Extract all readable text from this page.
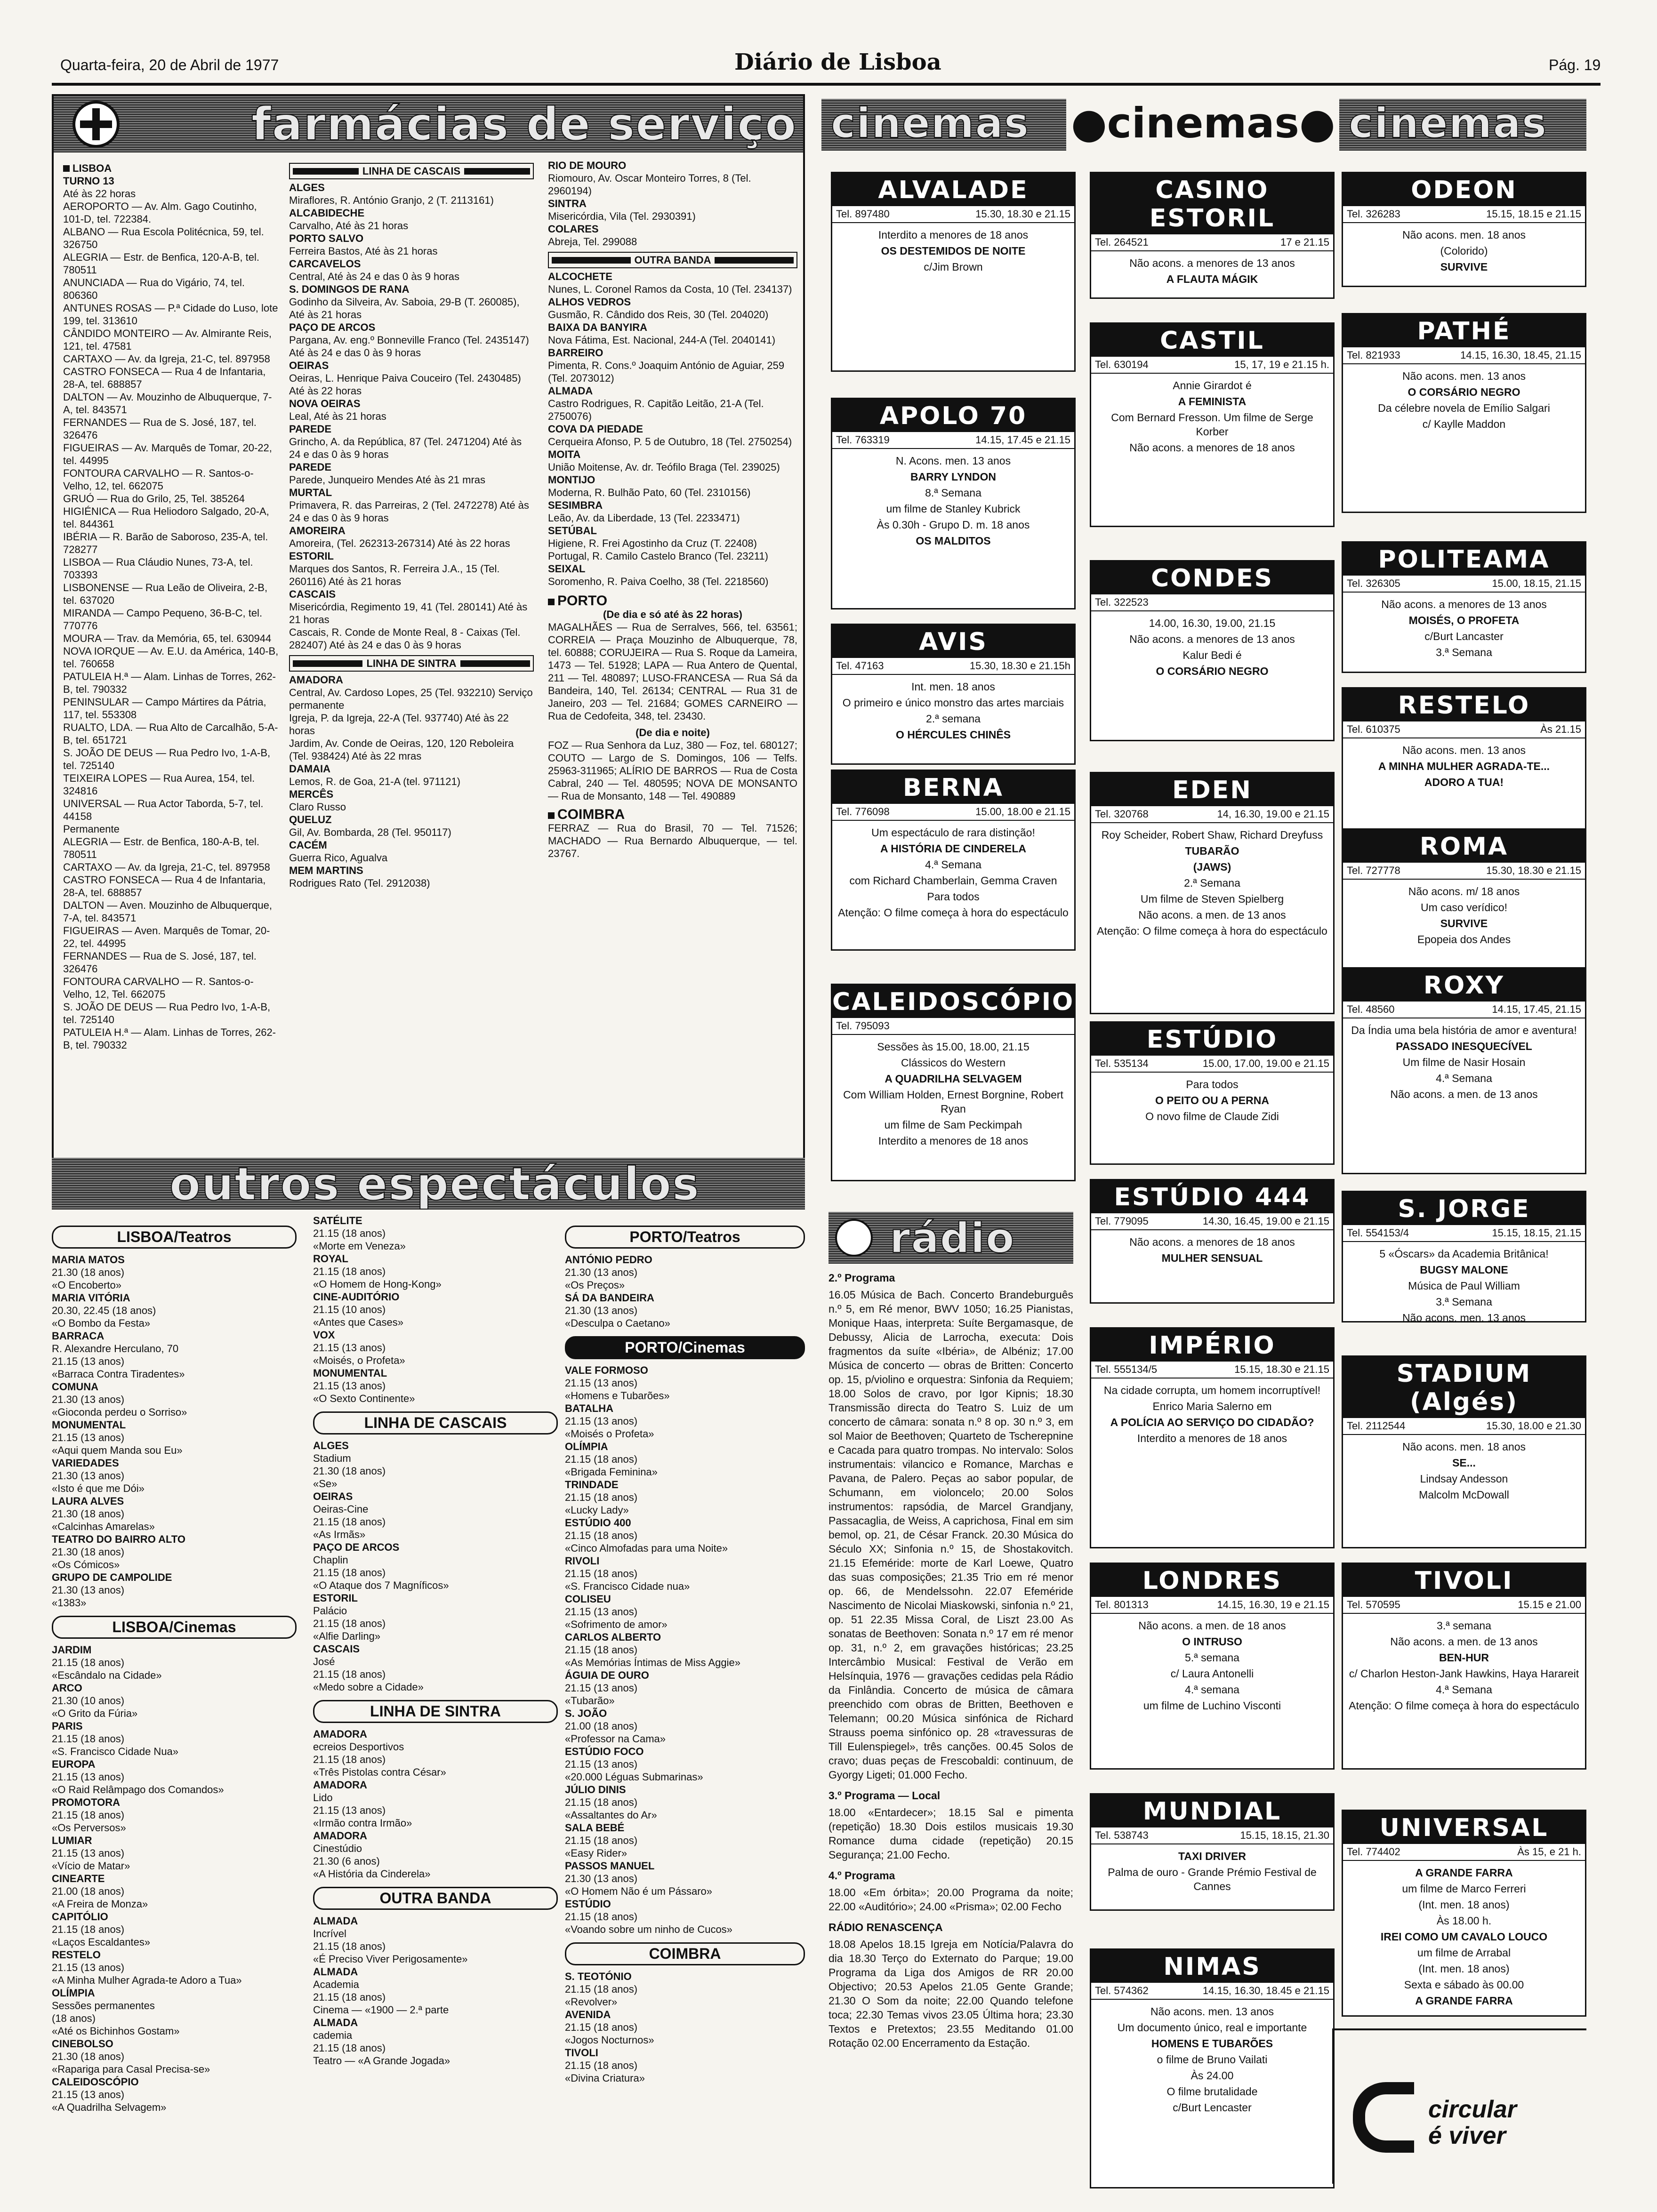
Quarta-feira, 20 de Abril de 1977	Diário de Lisboa	Pág. 19
farmácias de serviço
LISBOA
TURNO 13
Até às 22 horas
AEROPORTO — Av. Alm. Gago Coutinho, 101-D, tel. 722384.
ALBANO — Rua Escola Politécnica, 59, tel. 326750
ALEGRIA — Estr. de Benfica, 120-A-B, tel. 780511
ANUNCIADA — Rua do Vigário, 74, tel. 806360
ANTUNES ROSAS — P.ª Cidade do Luso, lote 199, tel. 313610
CÂNDIDO MONTEIRO — Av. Almirante Reis, 121, tel. 47581
CARTAXO — Av. da Igreja, 21-C, tel. 897958
CASTRO FONSECA — Rua 4 de Infantaria, 28-A, tel. 688857
DALTON — Av. Mouzinho de Albuquerque, 7-A, tel. 843571
FERNANDES — Rua de S. José, 187, tel. 326476
FIGUEIRAS — Av. Marquês de Tomar, 20-22, tel. 44995
FONTOURA CARVALHO — R. Santos-o-Velho, 12, tel. 662075
GRUÓ — Rua do Grilo, 25, Tel. 385264
HIGIÉNICA — Rua Heliodoro Salgado, 20-A, tel. 844361
IBÉRIA — R. Barão de Saboroso, 235-A, tel. 728277
LISBOA — Rua Cláudio Nunes, 73-A, tel. 703393
LISBONENSE — Rua Leão de Oliveira, 2-B, tel. 637020
MIRANDA — Campo Pequeno, 36-B-C, tel. 770776
MOURA — Trav. da Memória, 65, tel. 630944
NOVA IORQUE — Av. E.U. da América, 140-B, tel. 760658
PATULEIA H.ª — Alam. Linhas de Torres, 262-B, tel. 790332
PENINSULAR — Campo Mártires da Pátria, 117, tel. 553308
RUALTO, LDA. — Rua Alto de Carcalhão, 5-A-B, tel. 651721
S. JOÃO DE DEUS — Rua Pedro Ivo, 1-A-B, tel. 725140
TEIXEIRA LOPES — Rua Aurea, 154, tel. 324816
UNIVERSAL — Rua Actor Taborda, 5-7, tel. 44158
Permanente
ALEGRIA — Estr. de Benfica, 180-A-B, tel. 780511
CARTAXO — Av. da Igreja, 21-C, tel. 897958
CASTRO FONSECA — Rua 4 de Infantaria, 28-A, tel. 688857
DALTON — Aven. Mouzinho de Albuquerque, 7-A, tel. 843571
FIGUEIRAS — Aven. Marquês de Tomar, 20-22, tel. 44995
FERNANDES — Rua de S. José, 187, tel. 326476
FONTOURA CARVALHO — R. Santos-o-Velho, 12, Tel. 662075
S. JOÃO DE DEUS — Rua Pedro Ivo, 1-A-B, tel. 725140
PATULEIA H.ª — Alam. Linhas de Torres, 262-B, tel. 790332
LINHA DE CASCAIS
ALGES
Miraflores, R. António Granjo, 2 (T. 2113161)
ALCABIDECHE
Carvalho, Até às 21 horas
PORTO SALVO
Ferreira Bastos, Até às 21 horas
CARCAVELOS
Central, Até às 24 e das 0 às 9 horas
S. DOMINGOS DE RANA
Godinho da Silveira, Av. Saboia, 29-B (T. 260085), Até às 21 horas
PAÇO DE ARCOS
Pargana, Av. eng.º Bonneville Franco (Tel. 2435147) Até às 24 e das 0 às 9 horas
OEIRAS
Oeiras, L. Henrique Paiva Couceiro (Tel. 2430485) Até às 22 horas
NOVA OEIRAS
Leal, Até às 21 horas
PAREDE
Grincho, A. da República, 87 (Tel. 2471204) Até às 24 e das 0 às 9 horas
PAREDE
Parede, Junqueiro Mendes Até às 21 mras
MURTAL
Primavera, R. das Parreiras, 2 (Tel. 2472278) Até às 24 e das 0 às 9 horas
AMOREIRA
Amoreira, (Tel. 262313-267314) Até às 22 horas
ESTORIL
Marques dos Santos, R. Ferreira J.A., 15 (Tel. 260116) Até às 21 horas
CASCAIS
Misericórdia, Regimento 19, 41 (Tel. 280141) Até às 21 horas
Cascais, R. Conde de Monte Real, 8 - Caixas (Tel. 282407) Até às 24 e das 0 às 9 horas
LINHA DE SINTRA
AMADORA
Central, Av. Cardoso Lopes, 25 (Tel. 932210) Serviço permanente
Igreja, P. da Igreja, 22-A (Tel. 937740) Até às 22 horas
Jardim, Av. Conde de Oeiras, 120, 120 Reboleira (Tel. 938424) Até às 22 mras
DAMAIA
Lemos, R. de Goa, 21-A (tel. 971121)
MERCÊS
Claro Russo
QUELUZ
Gil, Av. Bombarda, 28 (Tel. 950117)
CACÉM
Guerra Rico, Agualva
MEM MARTINS
Rodrigues Rato (Tel. 2912038)
RIO DE MOURO
Riomouro, Av. Oscar Monteiro Torres, 8 (Tel. 2960194)
SINTRA
Misericórdia, Vila (Tel. 2930391)
COLARES
Abreja, Tel. 299088
OUTRA BANDA
ALCOCHETE
Nunes, L. Coronel Ramos da Costa, 10 (Tel. 234137)
ALHOS VEDROS
Gusmão, R. Cândido dos Reis, 30 (Tel. 204020)
BAIXA DA BANYIRA
Nova Fátima, Est. Nacional, 244-A (Tel. 2040141)
BARREIRO
Pimenta, R. Cons.º Joaquim António de Aguiar, 259 (Tel. 2073012)
ALMADA
Castro Rodrigues, R. Capitão Leitão, 21-A (Tel. 2750076)
COVA DA PIEDADE
Cerqueira Afonso, P. 5 de Outubro, 18 (Tel. 2750254)
MOITA
União Moitense, Av. dr. Teófilo Braga (Tel. 239025)
MONTIJO
Moderna, R. Bulhão Pato, 60 (Tel. 2310156)
SESIMBRA
Leão, Av. da Liberdade, 13 (Tel. 2233471)
SETÚBAL
Higiene, R. Frei Agostinho da Cruz (T. 22408)
Portugal, R. Camilo Castelo Branco (Tel. 23211)
SEIXAL
Soromenho, R. Paiva Coelho, 38 (Tel. 2218560)
PORTO
(De dia e só até às 22 horas)
MAGALHÃES — Rua de Serralves, 566, tel. 63561; CORREIA — Praça Mouzinho de Albuquerque, 78, tel. 60888; CORUJEIRA — Rua S. Roque da Lameira, 1473 — Tel. 51928; LAPA — Rua Antero de Quental, 211 — Tel. 480897; LUSO-FRANCESA — Rua Sá da Bandeira, 140, Tel. 26134; CENTRAL — Rua 31 de Janeiro, 203 — Tel. 21684; GOMES CARNEIRO — Rua de Cedofeita, 348, tel. 23430.
(De dia e noite)
FOZ — Rua Senhora da Luz, 380 — Foz, tel. 680127; COUTO — Largo de S. Domingos, 106 — Telfs. 25963-311965; ALÍRIO DE BARROS — Rua de Costa Cabral, 240 — Tel. 480595; NOVA DE MONSANTO — Rua de Monsanto, 148 — Tel. 490889
COIMBRA
FERRAZ — Rua do Brasil, 70 — Tel. 71526; MACHADO — Rua Bernardo Albuquerque, — tel. 23767.
outros espectáculos
LISBOA/Teatros
MARIA MATOS
21.30 (18 anos)
«O Encoberto»
MARIA VITÓRIA
20.30, 22.45 (18 anos)
«O Bombo da Festa»
BARRACA
R. Alexandre Herculano, 70
21.15 (13 anos)
«Barraca Contra Tiradentes»
COMUNA
21.30 (13 anos)
«Gioconda perdeu o Sorriso»
MONUMENTAL
21.15 (13 anos)
«Aqui quem Manda sou Eu»
VARIEDADES
21.30 (13 anos)
«Isto é que me Dói»
LAURA ALVES
21.30 (18 anos)
«Calcinhas Amarelas»
TEATRO DO BAIRRO ALTO
21.30 (18 anos)
«Os Cómicos»
GRUPO DE CAMPOLIDE
21.30 (13 anos)
«1383»
LISBOA/Cinemas
JARDIM
21.15 (18 anos)
«Escândalo na Cidade»
ARCO
21.30 (10 anos)
«O Grito da Fúria»
PARIS
21.15 (18 anos)
«S. Francisco Cidade Nua»
EUROPA
21.15 (13 anos)
«O Raid Relâmpago dos Comandos»
PROMOTORA
21.15 (18 anos)
«Os Perversos»
LUMIAR
21.15 (13 anos)
«Vício de Matar»
CINEARTE
21.00 (18 anos)
«A Freira de Monza»
CAPITÓLIO
21.15 (18 anos)
«Laços Escaldantes»
RESTELO
21.15 (13 anos)
«A Minha Mulher Agrada-te Adoro a Tua»
OLÍMPIA
Sessões permanentes
(18 anos)
«Até os Bichinhos Gostam»
CINEBOLSO
21.30 (18 anos)
«Rapariga para Casal Precisa-se»
CALEIDOSCÓPIO
21.15 (13 anos)
«A Quadrilha Selvagem»
SATÉLITE
21.15 (18 anos)
«Morte em Veneza»
ROYAL
21.15 (18 anos)
«O Homem de Hong-Kong»
CINE-AUDITÓRIO
21.15 (10 anos)
«Antes que Cases»
VOX
21.15 (13 anos)
«Moisés, o Profeta»
MONUMENTAL
21.15 (13 anos)
«O Sexto Continente»
LINHA DE CASCAIS
ALGES
Stadium
21.30 (18 anos)
«Se»
OEIRAS
Oeiras-Cine
21.15 (18 anos)
«As Irmãs»
PAÇO DE ARCOS
Chaplin
21.15 (18 anos)
«O Ataque dos 7 Magníficos»
ESTORIL
Palácio
21.15 (18 anos)
«Alfie Darling»
CASCAIS
José
21.15 (18 anos)
«Medo sobre a Cidade»
LINHA DE SINTRA
AMADORA
ecreios Desportivos
21.15 (18 anos)
«Três Pistolas contra César»
AMADORA
Lido
21.15 (13 anos)
«Irmão contra Irmão»
AMADORA
Cinestúdio
21.30 (6 anos)
«A História da Cinderela»
OUTRA BANDA
ALMADA
Incrível
21.15 (18 anos)
«É Preciso Viver Perigosamente»
ALMADA
Academia
21.15 (18 anos)
Cinema — «1900 — 2.ª parte
ALMADA
cademia
21.15 (18 anos)
Teatro — «A Grande Jogada»
PORTO/Teatros
ANTÓNIO PEDRO
21.30 (13 anos)
«Os Preços»
SÁ DA BANDEIRA
21.30 (13 anos)
«Desculpa o Caetano»
PORTO/Cinemas
VALE FORMOSO
21.15 (13 anos)
«Homens e Tubarões»
BATALHA
21.15 (13 anos)
«Moisés o Profeta»
OLÍMPIA
21.15 (18 anos)
«Brigada Feminina»
TRINDADE
21.15 (18 anos)
«Lucky Lady»
ESTÚDIO 400
21.15 (18 anos)
«Cinco Almofadas para uma Noite»
RIVOLI
21.15 (18 anos)
«S. Francisco Cidade nua»
COLISEU
21.15 (13 anos)
«Sofrimento de amor»
CARLOS ALBERTO
21.15 (18 anos)
«As Memórias Íntimas de Miss Aggie»
ÁGUIA DE OURO
21.15 (13 anos)
«Tubarão»
S. JOÃO
21.00 (18 anos)
«Professor na Cama»
ESTÚDIO FOCO
21.15 (13 anos)
«20.000 Léguas Submarinas»
JÚLIO DINIS
21.15 (18 anos)
«Assaltantes do Ar»
SALA BEBÉ
21.15 (18 anos)
«Easy Rider»
PASSOS MANUEL
21.30 (13 anos)
«O Homem Não é um Pássaro»
ESTÚDIO
21.15 (18 anos)
«Voando sobre um ninho de Cucos»
COIMBRA
S. TEOTÓNIO
21.15 (18 anos)
«Revolver»
AVENIDA
21.15 (18 anos)
«Jogos Nocturnos»
TIVOLI
21.15 (18 anos)
«Divina Criatura»
cinemas ●cinemas● cinemas
ALVALADE
Tel. 897480	15.30, 18.30 e 21.15
Interdito a menores de 18 anos
OS DESTEMIDOS DE NOITE
c/Jim Brown
APOLO 70
Tel. 763319	14.15, 17.45 e 21.15
N. Acons. men. 13 anos
BARRY LYNDON
8.ª Semana
um filme de Stanley Kubrick
Às 0.30h - Grupo D. m. 18 anos
OS MALDITOS
AVIS
Tel. 47163	15.30, 18.30 e 21.15h
Int. men. 18 anos
O primeiro e único monstro das artes marciais
2.ª semana
O HÉRCULES CHINÊS
BERNA
Tel. 776098	15.00, 18.00 e 21.15
Um espectáculo de rara distinção!
A HISTÓRIA DE CINDERELA
4.ª Semana
com Richard Chamberlain, Gemma Craven
Para todos
Atenção: O filme começa à hora do espectáculo
CALEIDOSCÓPIO
Tel. 795093
Sessões às 15.00, 18.00, 21.15
Clássicos do Western
A QUADRILHA SELVAGEM
Com William Holden, Ernest Borgnine, Robert Ryan
um filme de Sam Peckimpah
Interdito a menores de 18 anos
CASINO ESTORIL
Tel. 264521	17 e 21.15
Não acons. a menores de 13 anos
A FLAUTA MÁGIK
CASTIL
Tel. 630194	15, 17, 19 e 21.15 h.
Annie Girardot é
A FEMINISTA
Com Bernard Fresson. Um filme de Serge Korber
Não acons. a menores de 18 anos
CONDES
Tel. 322523
14.00, 16.30, 19.00, 21.15
Não acons. a menores de 13 anos
Kalur Bedi é
O CORSÁRIO NEGRO
EDEN
Tel. 320768	14, 16.30, 19.00 e 21.15
Roy Scheider, Robert Shaw, Richard Dreyfuss
TUBARÃO
(JAWS)
2.ª Semana
Um filme de Steven Spielberg
Não acons. a men. de 13 anos
Atenção: O filme começa à hora do espectáculo
ESTÚDIO
Tel. 535134	15.00, 17.00, 19.00 e 21.15
Para todos
O PEITO OU A PERNA
O novo filme de Claude Zidi
ESTÚDIO 444
Tel. 779095	14.30, 16.45, 19.00 e 21.15
Não acons. a menores de 18 anos
MULHER SENSUAL
IMPÉRIO
Tel. 555134/5	15.15, 18.30 e 21.15
Na cidade corrupta, um homem incorruptível!
Enrico Maria Salerno em
A POLÍCIA AO SERVIÇO DO CIDADÃO?
Interdito a menores de 18 anos
LONDRES
Tel. 801313	14.15, 16.30, 19 e 21.15
Não acons. a men. de 18 anos
O INTRUSO
5.ª semana
c/ Laura Antonelli
4.ª semana
um filme de Luchino Visconti
MUNDIAL
Tel. 538743	15.15, 18.15, 21.30
TAXI DRIVER
Palma de ouro - Grande Prémio Festival de Cannes
NIMAS
Tel. 574362	14.15, 16.30, 18.45 e 21.15
Não acons. men. 13 anos
Um documento único, real e importante
HOMENS E TUBARÕES
o filme de Bruno Vailati
Às 24.00
O filme brutalidade
c/Burt Lencaster
ODEON
Tel. 326283	15.15, 18.15 e 21.15
Não acons. men. 18 anos
(Colorido)
SURVIVE
PATHÉ
Tel. 821933	14.15, 16.30, 18.45, 21.15
Não acons. men. 13 anos
O CORSÁRIO NEGRO
Da célebre novela de Emílio Salgari
c/ Kaylle Maddon
POLITEAMA
Tel. 326305	15.00, 18.15, 21.15
Não acons. a menores de 13 anos
MOISÉS, O PROFETA
c/Burt Lancaster
3.ª Semana
RESTELO
Tel. 610375	Às 21.15
Não acons. men. 13 anos
A MINHA MULHER AGRADA-TE...
ADORO A TUA!
ROMA
Tel. 727778	15.30, 18.30 e 21.15
Não acons. m/ 18 anos
Um caso verídico!
SURVIVE
Epopeia dos Andes
ROXY
Tel. 48560	14.15, 17.45, 21.15
Da Índia uma bela história de amor e aventura!
PASSADO INESQUECÍVEL
Um filme de Nasir Hosain
4.ª Semana
Não acons. a men. de 13 anos
S. JORGE
Tel. 554153/4	15.15, 18.15, 21.15
5 «Óscars» da Academia Britânica!
BUGSY MALONE
Música de Paul William
3.ª Semana
Não acons. men. 13 anos
STADIUM (Algés)
Tel. 2112544	15.30, 18.00 e 21.30
Não acons. men. 18 anos
SE...
Lindsay Andesson
Malcolm McDowall
TIVOLI
Tel. 570595	15.15 e 21.00
3.ª semana
Não acons. a men. de 13 anos
BEN-HUR
c/ Charlon Heston-Jank Hawkins, Haya Harareit
4.ª Semana
Atenção: O filme começa à hora do espectáculo
UNIVERSAL
Tel. 774402	Às 15, e 21 h.
A GRANDE FARRA
um filme de Marco Ferreri
(Int. men. 18 anos)
Às 18.00 h.
IREI COMO UM CAVALO LOUCO
um filme de Arrabal
(Int. men. 18 anos)
Sexta e sábado às 00.00
A GRANDE FARRA
rádio

2.º Programa

16.05 Música de Bach. Concerto Brandeburguês n.º 5, em Ré menor, BWV 1050; 16.25 Pianistas, Monique Haas, interpreta: Suíte Bergamasque, de Debussy, Alicia de Larrocha, executa: Dois fragmentos da suíte «Ibéria», de Albéniz; 17.00 Música de concerto — obras de Britten: Concerto op. 15, p/violino e orquestra: Sinfonia da Requiem; 18.00 Solos de cravo, por Igor Kipnis; 18.30 Transmissão directa do Teatro S. Luiz de um concerto de câmara: sonata n.º 8 op. 30 n.º 3, em sol Maior de Beethoven; Quarteto de Tscherepnine e Cacada para quatro trompas. No intervalo: Solos instrumentais: vilancico e Romance, Marchas e Pavana, de Palero. Peças ao sabor popular, de Schumann, em violoncelo; 20.00 Solos instrumentos: rapsódia, de Marcel Grandjany, Passacaglia, de Weiss, A caprichosa, Final em sim bemol, op. 21, de César Franck. 20.30 Música do Século XX; Sinfonia n.º 15, de Shostakovitch. 21.15 Efeméride: morte de Karl Loewe, Quatro das suas composições; 21.35 Trio em ré menor op. 66, de Mendelssohn. 22.07 Efeméride Nascimento de Nicolai Miaskowski, sinfonia n.º 21, op. 51 22.35 Missa Coral, de Liszt 23.00 As sonatas de Beethoven: Sonata n.º 17 em ré menor op. 31, n.º 2, em gravações históricas; 23.25 Intercâmbio Musical: Festival de Verão em Helsínquia, 1976 — gravações cedidas pela Rádio da Finlândia. Concerto de música de câmara preenchido com obras de Britten, Beethoven e Telemann; 00.20 Música sinfónica de Richard Strauss poema sinfónico op. 28 «travessuras de Till Eulenspiegel», três canções. 00.45 Solos de cravo; duas peças de Frescobaldi: continuum, de Gyorgy Ligeti; 01.000 Fecho.

3.º Programa — Local

18.00 «Entardecer»; 18.15 Sal e pimenta (repetição) 18.30 Dois estilos musicais 19.30 Romance duma cidade (repetição) 20.15 Segurança; 21.00 Fecho.

4.º Programa

18.00 «Em órbita»; 20.00 Programa da noite; 22.00 «Auditório»; 24.00 «Prisma»; 02.00 Fecho

RÁDIO RENASCENÇA

18.08 Apelos 18.15 Igreja em Notícia/Palavra do dia 18.30 Terço do Externato do Parque; 19.00 Programa da Liga dos Amigos de RR 20.00 Objectivo; 20.53 Apelos 21.05 Gente Grande; 21.30 O Som da noite; 22.00 Quando telefone toca; 22.30 Temas vivos 23.05 Última hora; 23.30 Textos e Pretextos; 23.55 Meditando 01.00 Rotação 02.00 Encerramento da Estação.

circular
é viver
